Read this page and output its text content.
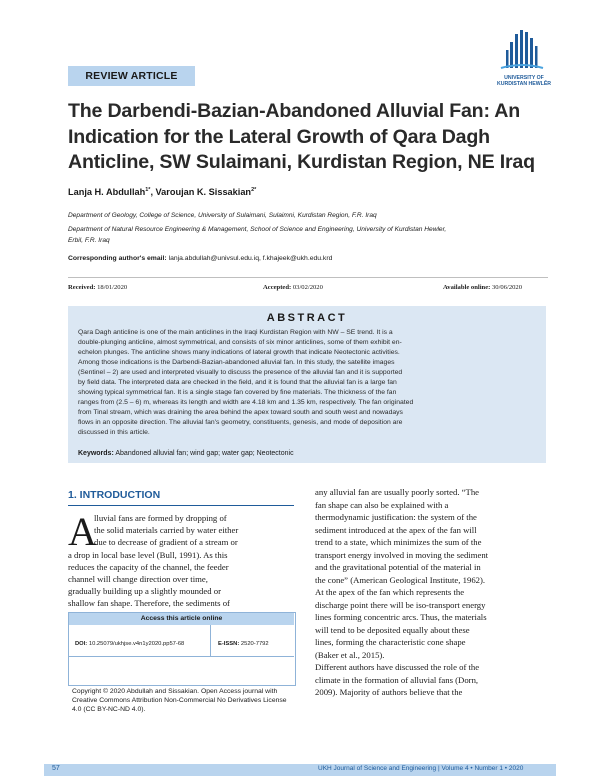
UNIVERSITY OF KURDISTAN HEWLÊR
REVIEW ARTICLE
The Darbendi-Bazian-Abandoned Alluvial Fan: An
Indication for the Lateral Growth of Qara Dagh
Anticline, SW Sulaimani, Kurdistan Region, NE Iraq
Lanja H. Abdullah$^{1*}$, Varoujan K. Sissakian$^{2*}$
Department of Geology, College of Science, University of Sulaimani, Sulaimni, Kurdistan Region, F.R. Iraq
Department of Natural Resource Engineering & Management, School of Science and Engineering, University of Kurdistan Hewler,
Erbil, F.R. Iraq
Corresponding author's email: lanja.abdullah@univsul.edu.iq, f.khajeek@ukh.edu.krd
Received: 18/01/2020	Accepted: 03/02/2020	Available online: 30/06/2020
ABSTRACT
Qara Dagh anticline is one of the main anticlines in the Iraqi Kurdistan Region with NW – SE trend. It is a
double-plunging anticline, almost symmetrical, and consists of six minor anticlines, some of them exhibit en-
echelon plunges. The anticline shows many indications of lateral growth that indicate Neotectonic activities.
Among those indications is the Darbendi-Bazian-abandoned alluvial fan. In this study, the satellite images
(Sentinel – 2) are used and interpreted visually to discuss the presence of the alluvial fan and it is supported
by field data. The interpreted data are checked in the field, and it is found that the alluvial fan is a large fan
showing typical symmetrical fan. It is a single stage fan covered by fine materials. The thickness of the fan
ranges from (2.5 – 6) m, whereas its length and width are 4.18 km and 1.35 km, respectively. The fan originated
from Tinal stream, which was draining the area behind the apex toward south and south west and nowadays
flows in an opposite direction. The alluvial fan's geometry, constituents, genesis, and mode of deposition are
discussed in this article.
Keywords: Abandoned alluvial fan; wind gap; water gap; Neotectonic
1. INTRODUCTION
A
lluvial fans are formed by dropping of
the solid materials carried by water either
due to decrease of gradient of a stream or
a drop in local base level (Bull, 1991). As this
reduces the capacity of the channel, the feeder
channel will change direction over time,
gradually building up a slightly mounded or
shallow fan shape. Therefore, the sediments of
any alluvial fan are usually poorly sorted. “The
fan shape can also be explained with a
thermodynamic justification: the system of the
sediment introduced at the apex of the fan will
trend to a state, which minimizes the sum of the
transport energy involved in moving the sediment
and the gravitational potential of the material in
the cone” (American Geological Institute, 1962).
At the apex of the fan which represents the
discharge point there will be iso-transport energy
lines forming concentric arcs. Thus, the materials
will tend to be deposited equally about these
lines, forming the characteristic cone shape
(Baker et al., 2015).
Different authors have discussed the role of the
climate in the formation of alluvial fans (Dorn,
2009). Majority of authors believe that the
Access this article online
DOI: 10.25079/ukhjse.v4n1y2020.pp57-68	E-ISSN: 2520-7792
Copyright © 2020 Abdullah and Sissakian. Open Access journal with Creative Commons Attribution Non-Commercial No Derivatives License 4.0 (CC BY-NC-ND 4.0).
57	UKH Journal of Science and Engineering | Volume 4 • Number 1 • 2020
